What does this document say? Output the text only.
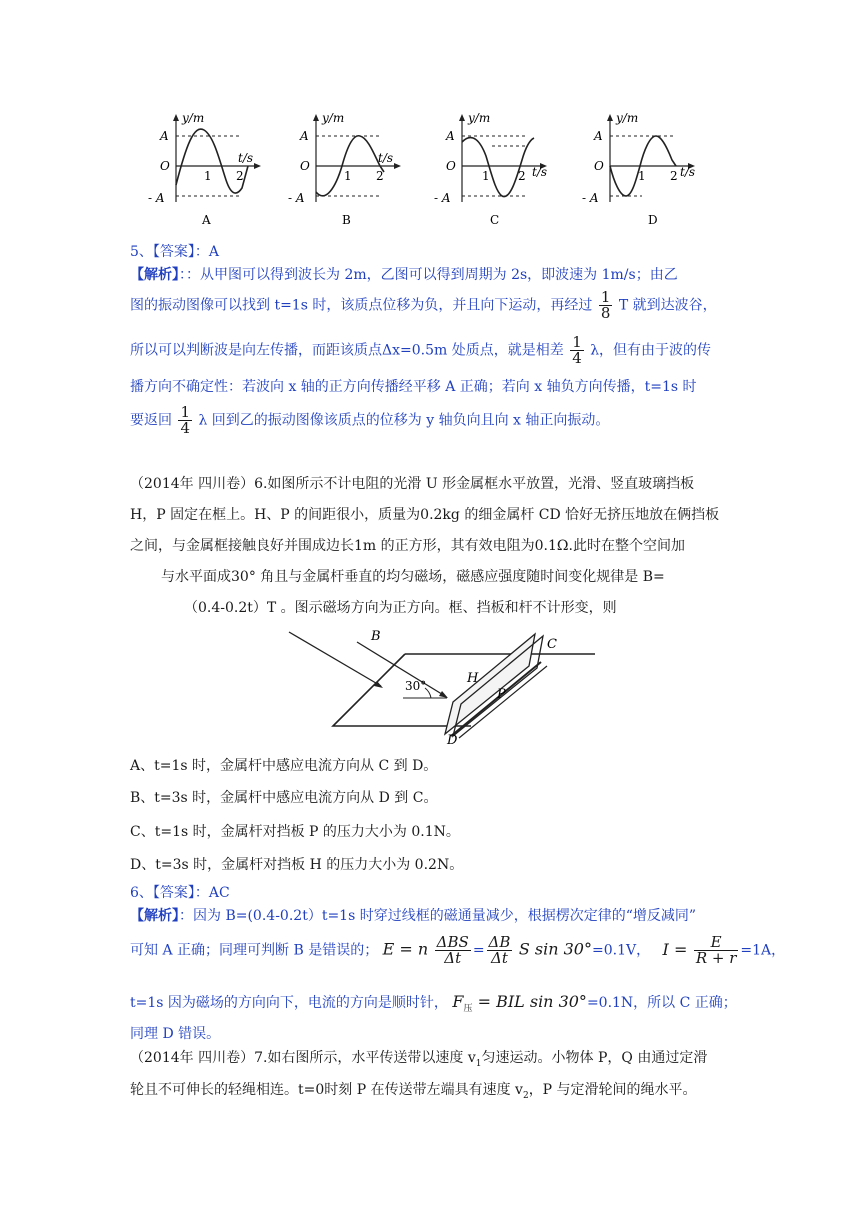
y/m
t/s
A
O
- A
1 2
A
y/m
t/s
A
O
- A
1 2
B
y/m
t/s
A
O
- A
1 2
C
y/m
t/s
A
O
- A
1 2
D
5、【答案】：A
【解析】：：从甲图可以得到波长为 2m，乙图可以得到周期为 2s，即波速为 1m/s；由乙
图的振动图像可以找到 t=1s 时，该质点位移为负，并且向下运动，再经过 $\frac{1}{8}$ T 就到达波谷，
所以可以判断波是向左传播，而距该质点Δx=0.5m 处质点，就是相差 $\frac{1}{4}$ λ，但有由于波的传
播方向不确定性：若波向 x 轴的正方向传播经平移 A 正确；若向 x 轴负方向传播，t=1s 时
要返回 $\frac{1}{4}$ λ 回到乙的振动图像该质点的位移为 y 轴负向且向 x 轴正向振动。
（2014年 四川卷）6.如图所示不计电阻的光滑 U 形金属框水平放置，光滑、竖直玻璃挡板
H，P 固定在框上。H、P 的间距很小，质量为0.2kg 的细金属杆 CD 恰好无挤压地放在俩挡板
之间，与金属框接触良好并围成边长1m 的正方形，其有效电阻为0.1Ω.此时在整个空间加
与水平面成30° 角且与金属杆垂直的均匀磁场，磁感应强度随时间变化规律是 B=
（0.4-0.2t）T 。图示磁场方向为正方向。框、挡板和杆不计形变，则
B
C
H
P
D
30°
A、t=1s 时，金属杆中感应电流方向从 C 到 D。
B、t=3s 时，金属杆中感应电流方向从 D 到 C。
C、t=1s 时，金属杆对挡板 P 的压力大小为 0.1N。
D、t=3s 时，金属杆对挡板 H 的压力大小为 0.2N。
6、【答案】：AC
【解析】：因为 B=(0.4-0.2t）t=1s 时穿过线框的磁通量减少，根据楞次定律的“增反减同”
可知 A 正确；同理可判断 B 是错误的； E = n $\frac{\text{ΔBS}}{\Delta t} = \frac{\Delta B}{\Delta t}$ S sin 30°=0.1V， $I = \frac{E}{R + r} =1A$，
t=1s 因为磁场的方向向下，电流的方向是顺时针， $F_压$ = BIL sin 30°=0.1N，所以 C 正确；
同理 D 错误。
（2014年 四川卷）7.如右图所示，水平传送带以速度 $v_1$匀速运动。小物体 P，Q 由通过定滑
轮且不可伸长的轻绳相连。t=0时刻 P 在传送带左端具有速度 $v_2$，P 与定滑轮间的绳水平。
